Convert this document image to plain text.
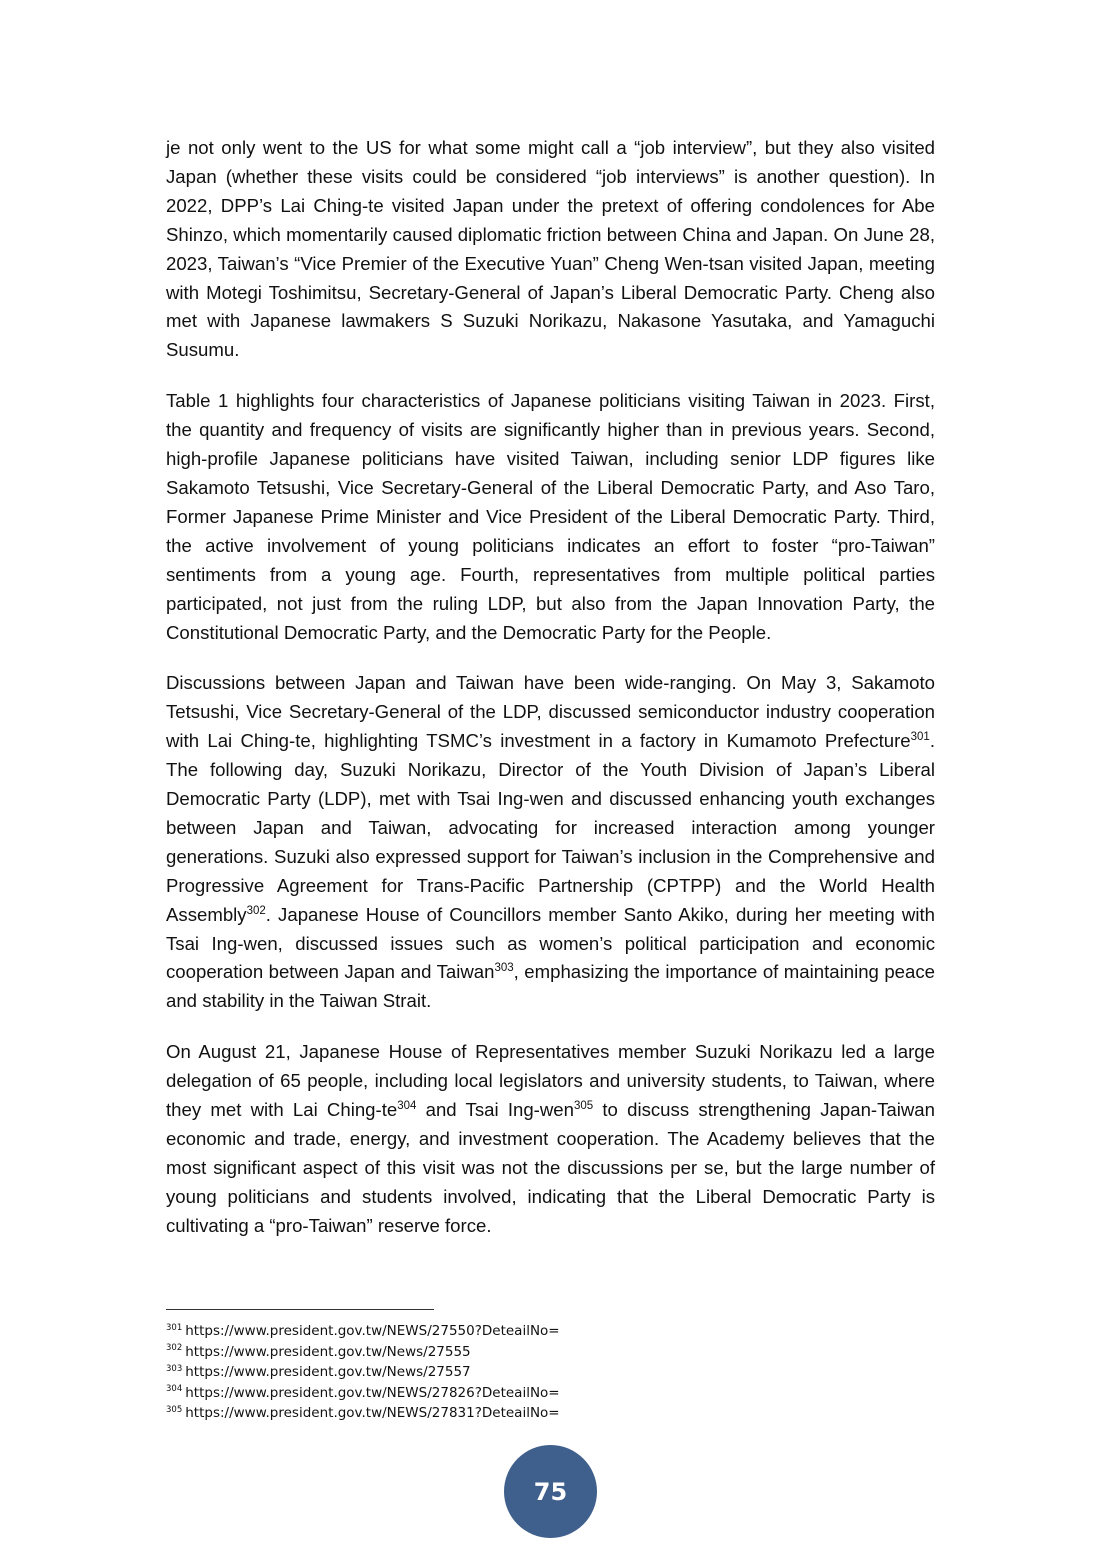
je not only went to the US for what some might call a “job interview”, but they also visited Japan (whether these visits could be considered “job interviews” is another question). In 2022, DPP’s Lai Ching-te visited Japan under the pretext of offering condolences for Abe Shinzo, which momentarily caused diplomatic friction between China and Japan. On June 28, 2023, Taiwan’s “Vice Premier of the Executive Yuan” Cheng Wen-tsan visited Japan, meeting with Motegi Toshimitsu, Secretary-General of Japan’s Liberal Democratic Party. Cheng also met with Japanese lawmakers S Suzuki Norikazu, Nakasone Yasutaka, and Yamaguchi Susumu.

Table 1 highlights four characteristics of Japanese politicians visiting Taiwan in 2023. First, the quantity and frequency of visits are significantly higher than in previous years. Second, high-profile Japanese politicians have visited Taiwan, including senior LDP figures like Sakamoto Tetsushi, Vice Secretary-General of the Liberal Democratic Party, and Aso Taro, Former Japanese Prime Minister and Vice President of the Liberal Democratic Party. Third, the active involvement of young politicians indicates an effort to foster “pro-Taiwan” sentiments from a young age. Fourth, representatives from multiple political parties participated, not just from the ruling LDP, but also from the Japan Innovation Party, the Constitutional Democratic Party, and the Democratic Party for the People.

Discussions between Japan and Taiwan have been wide-ranging. On May 3, Sakamoto Tetsushi, Vice Secretary-General of the LDP, discussed semiconductor industry cooperation with Lai Ching-te, highlighting TSMC’s investment in a factory in Kumamoto Prefecture$^{301}$. The following day, Suzuki Norikazu, Director of the Youth Division of Japan’s Liberal Democratic Party (LDP), met with Tsai Ing-wen and discussed enhancing youth exchanges between Japan and Taiwan, advocating for increased interaction among younger generations. Suzuki also expressed support for Taiwan’s inclusion in the Comprehensive and Progressive Agreement for Trans-Pacific Partnership (CPTPP) and the World Health Assembly$^{302}$. Japanese House of Councillors member Santo Akiko, during her meeting with Tsai Ing-wen, discussed issues such as women’s political participation and economic cooperation between Japan and Taiwan$^{303}$, emphasizing the importance of maintaining peace and stability in the Taiwan Strait.

On August 21, Japanese House of Representatives member Suzuki Norikazu led a large delegation of 65 people, including local legislators and university students, to Taiwan, where they met with Lai Ching-$te^{304}$ and Tsai Ing-wen$^{305}$ to discuss strengthening Japan-Taiwan economic and trade, energy, and investment cooperation. The Academy believes that the most significant aspect of this visit was not the discussions per se, but the large number of young politicians and students involved, indicating that the Liberal Democratic Party is cultivating a “pro-Taiwan” reserve force.

$^{301}$ https://www.president.gov.tw/NEWS/27550?DeteailNo=
$^{302}$ https://www.president.gov.tw/News/27555
$^{303}$ https://www.president.gov.tw/News/27557
$^{304}$ https://www.president.gov.tw/NEWS/27826?DeteailNo=
$^{305}$ https://www.president.gov.tw/NEWS/27831?DeteailNo=
75
